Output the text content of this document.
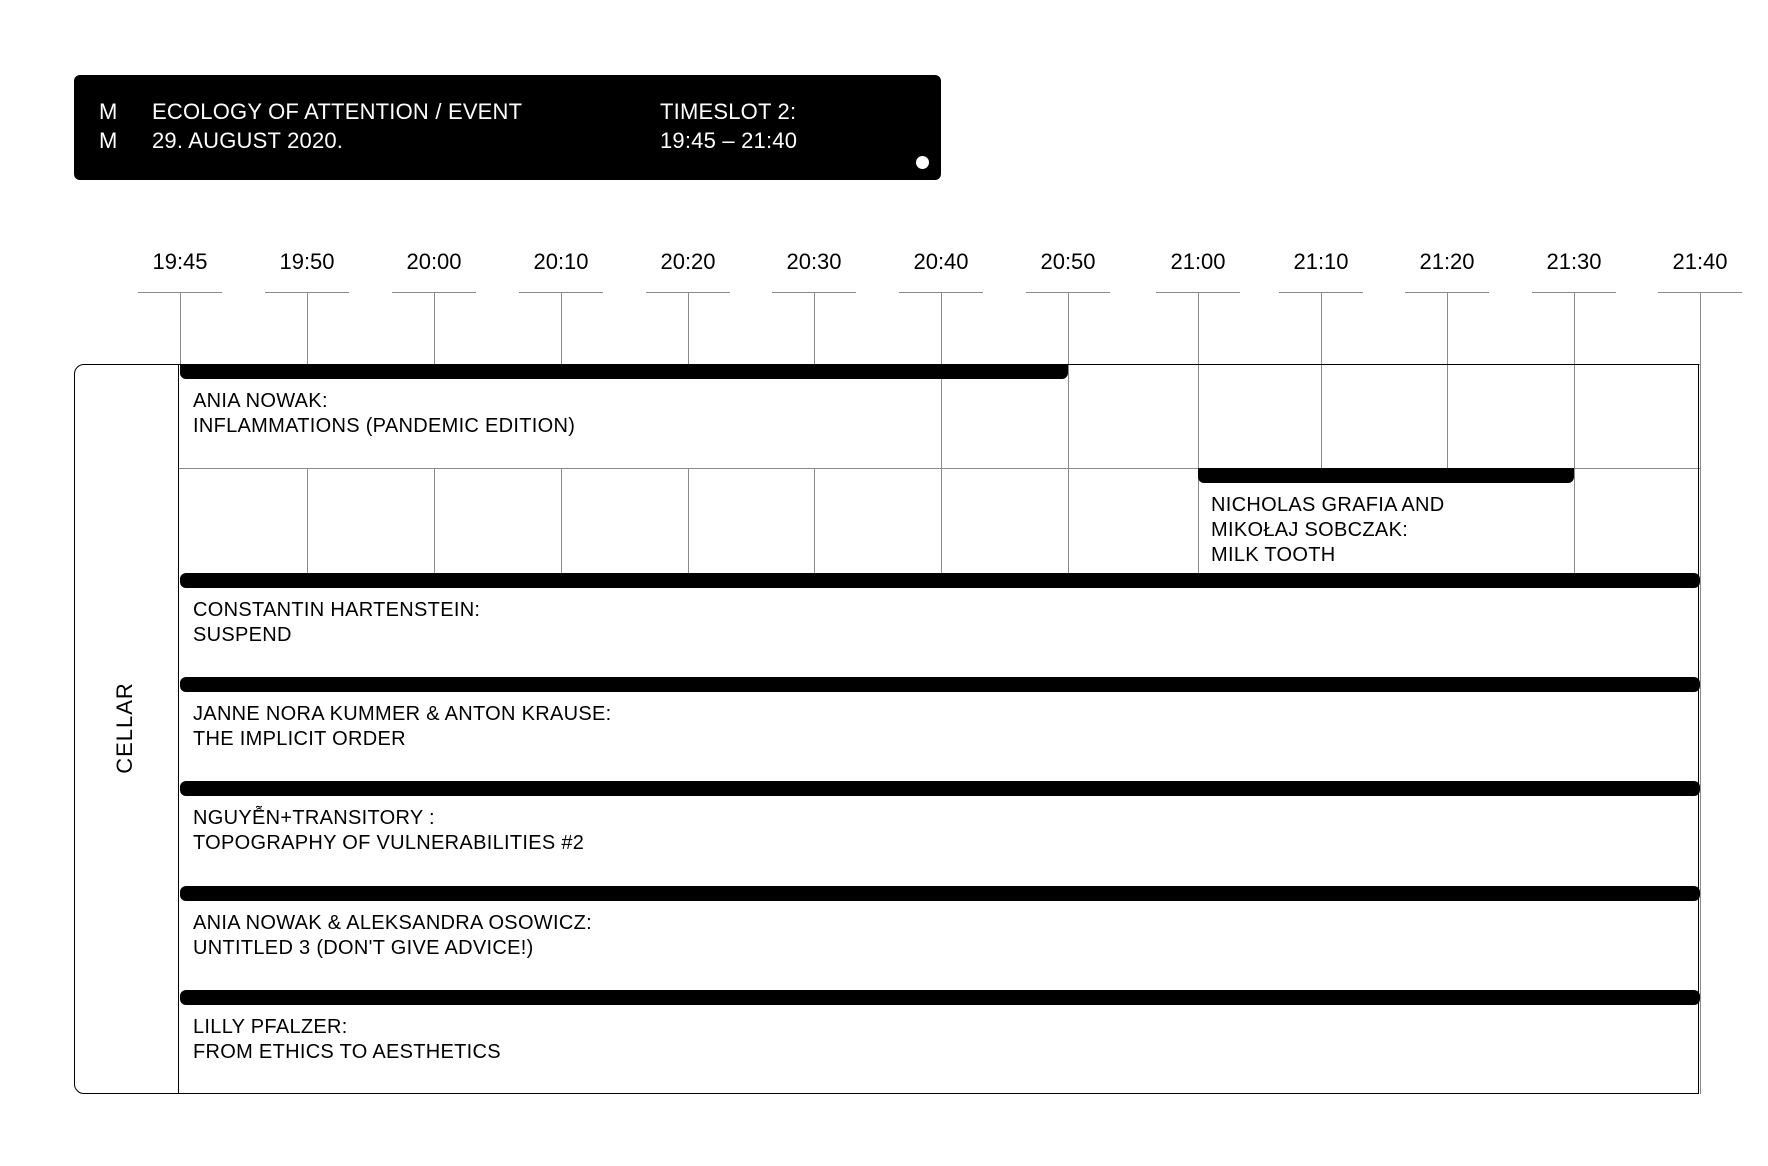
M
M
ECOLOGY OF ATTENTION / EVENT
29. AUGUST 2020.
TIMESLOT 2:
19:45 – 21:40
19:45	19:50	20:00	20:10	20:20	20:30	20:40	20:50	21:00	21:10	21:20	21:30	21:40
CELLAR
ANIA NOWAK:
INFLAMMATIONS (PANDEMIC EDITION)
NICHOLAS GRAFIA AND
MIKOŁAJ SOBCZAK:
MILK TOOTH
CONSTANTIN HARTENSTEIN:
SUSPEND
JANNE NORA KUMMER & ANTON KRAUSE:
THE IMPLICIT ORDER
NGUYỄN+TRANSITORY :
TOPOGRAPHY OF VULNERABILITIES #2
ANIA NOWAK & ALEKSANDRA OSOWICZ:
UNTITLED 3 (DON'T GIVE ADVICE!)
LILLY PFALZER:
FROM ETHICS TO AESTHETICS
